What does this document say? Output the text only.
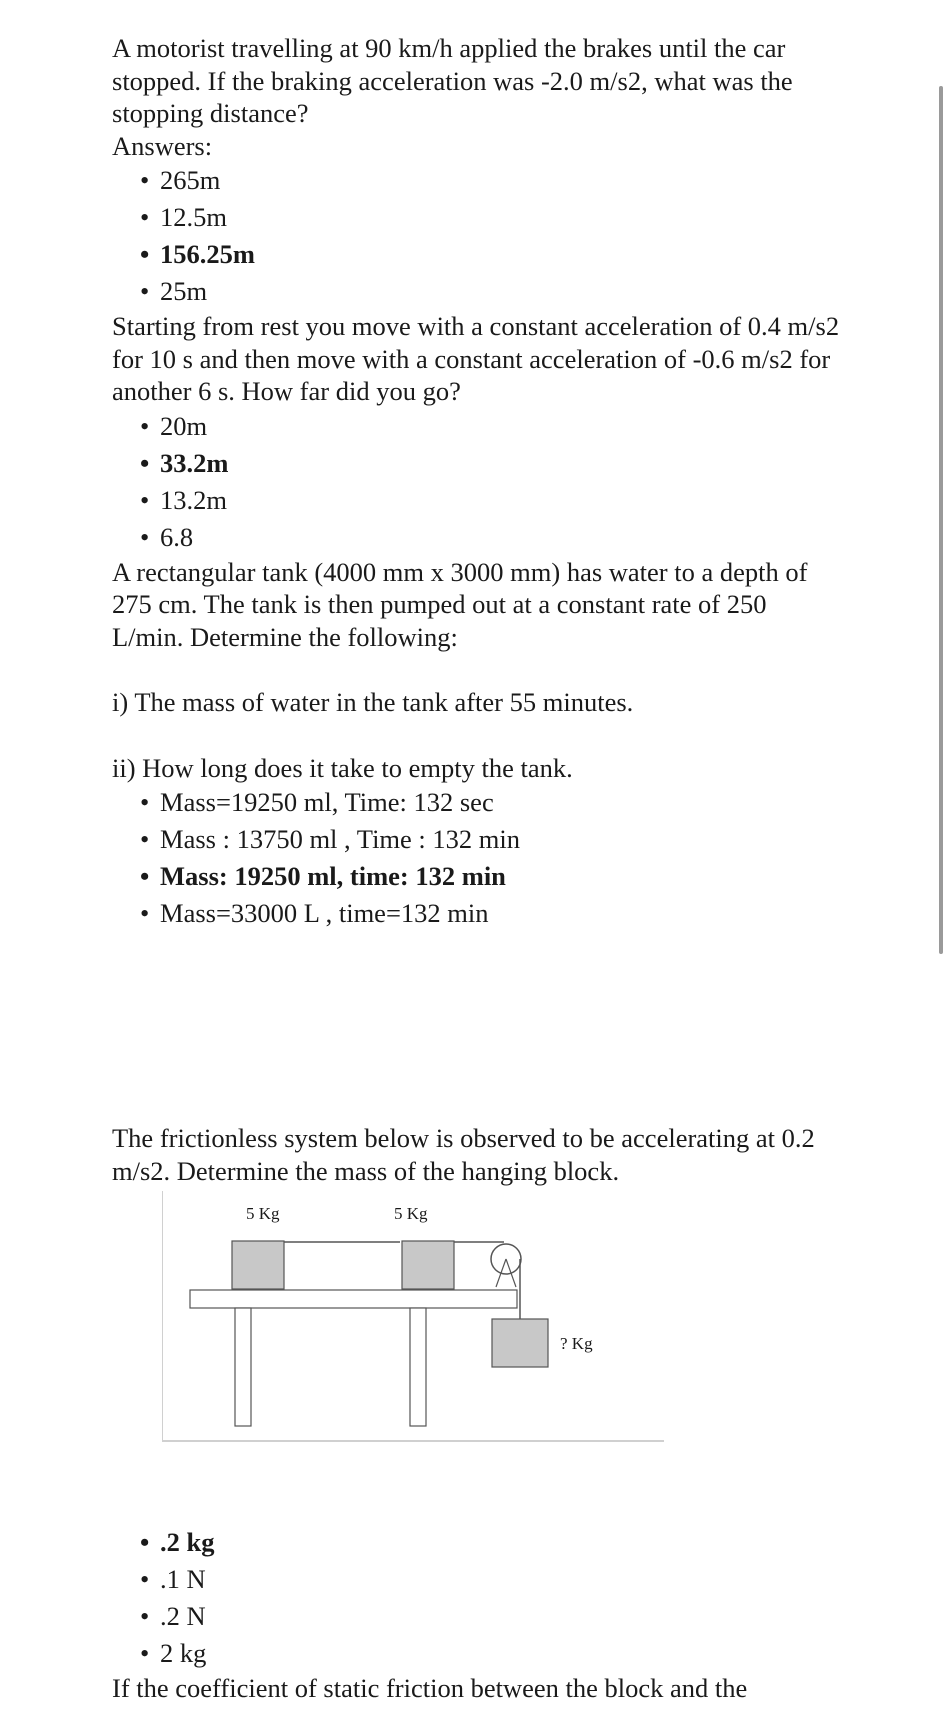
A motorist travelling at 90 km/h applied the brakes until the car stopped. If the braking acceleration was -2.0 m/s2, what was the stopping distance?

Answers:

• 265m
• 12.5m
• 156.25m
• 25m

Starting from rest you move with a constant acceleration of 0.4 m/s2 for 10 s and then move with a constant acceleration of -0.6 m/s2 for another 6 s. How far did you go?

• 20m
• 33.2m
• 13.2m
• 6.8

A rectangular tank (4000 mm x 3000 mm) has water to a depth of 275 cm. The tank is then pumped out at a constant rate of 250 L/min. Determine the following:

i) The mass of water in the tank after 55 minutes.

ii) How long does it take to empty the tank.

• Mass=19250 ml, Time: 132 sec
• Mass : 13750 ml , Time : 132 min
• Mass: 19250 ml, time: 132 min
• Mass=33000 L , time=132 min

The frictionless system below is observed to be accelerating at 0.2 m/s2. Determine the mass of the hanging block.

5 Kg	5 Kg
? Kg
• .2 kg
• .1 N
• .2 N
• 2 kg

If the coefficient of static friction between the block and the
